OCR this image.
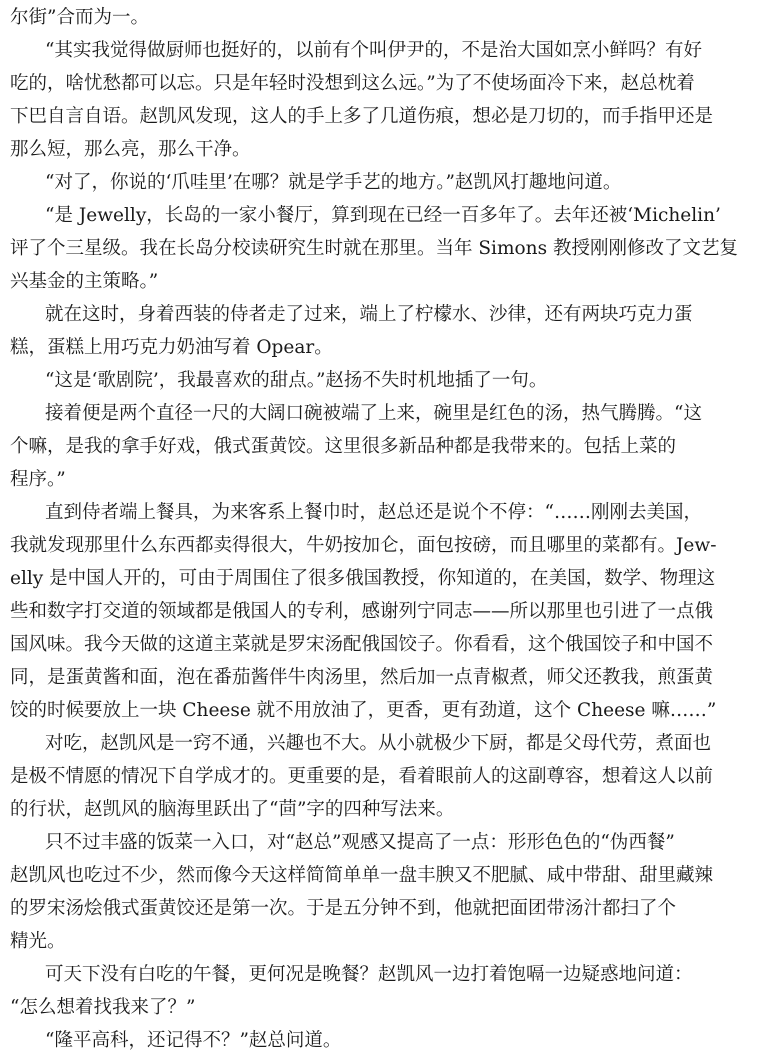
尔街”合而为一。
“其实我觉得做厨师也挺好的，以前有个叫伊尹的，不是治大国如烹小鲜吗？有好
吃的，啥忧愁都可以忘。只是年轻时没想到这么远。”为了不使场面冷下来，赵总枕着
下巴自言自语。赵凯风发现，这人的手上多了几道伤痕，想必是刀切的，而手指甲还是
那么短，那么亮，那么干净。
“对了，你说的‘爪哇里’在哪？就是学手艺的地方。”赵凯风打趣地问道。
“是 Jewelly，长岛的一家小餐厅，算到现在已经一百多年了。去年还被‘Michelin’
评了个三星级。我在长岛分校读研究生时就在那里。当年 Simons 教授刚刚修改了文艺复
兴基金的主策略。”
就在这时，身着西装的侍者走了过来，端上了柠檬水、沙律，还有两块巧克力蛋
糕，蛋糕上用巧克力奶油写着 Opear。
“这是‘歌剧院’，我最喜欢的甜点。”赵扬不失时机地插了一句。
接着便是两个直径一尺的大阔口碗被端了上来，碗里是红色的汤，热气腾腾。“这
个嘛，是我的拿手好戏，俄式蛋黄饺。这里很多新品种都是我带来的。包括上菜的
程序。”
直到侍者端上餐具，为来客系上餐巾时，赵总还是说个不停：“……刚刚去美国，
我就发现那里什么东西都卖得很大，牛奶按加仑，面包按磅，而且哪里的菜都有。Jew-
elly 是中国人开的，可由于周围住了很多俄国教授，你知道的，在美国，数学、物理这
些和数字打交道的领域都是俄国人的专利，感谢列宁同志——所以那里也引进了一点俄
国风味。我今天做的这道主菜就是罗宋汤配俄国饺子。你看看，这个俄国饺子和中国不
同，是蛋黄酱和面，泡在番茄酱伴牛肉汤里，然后加一点青椒煮，师父还教我，煎蛋黄
饺的时候要放上一块 Cheese 就不用放油了，更香，更有劲道，这个 Cheese 嘛……”
对吃，赵凯风是一窍不通，兴趣也不大。从小就极少下厨，都是父母代劳，煮面也
是极不情愿的情况下自学成才的。更重要的是，看着眼前人的这副尊容，想着这人以前
的行状，赵凯风的脑海里跃出了“茴”字的四种写法来。
只不过丰盛的饭菜一入口，对“赵总”观感又提高了一点：形形色色的“伪西餐”
赵凯风也吃过不少，然而像今天这样简简单单一盘丰腴又不肥腻、咸中带甜、甜里藏辣
的罗宋汤烩俄式蛋黄饺还是第一次。于是五分钟不到，他就把面团带汤汁都扫了个
精光。
可天下没有白吃的午餐，更何况是晚餐？赵凯风一边打着饱嗝一边疑惑地问道：
“怎么想着找我来了？”
“隆平高科，还记得不？”赵总问道。
